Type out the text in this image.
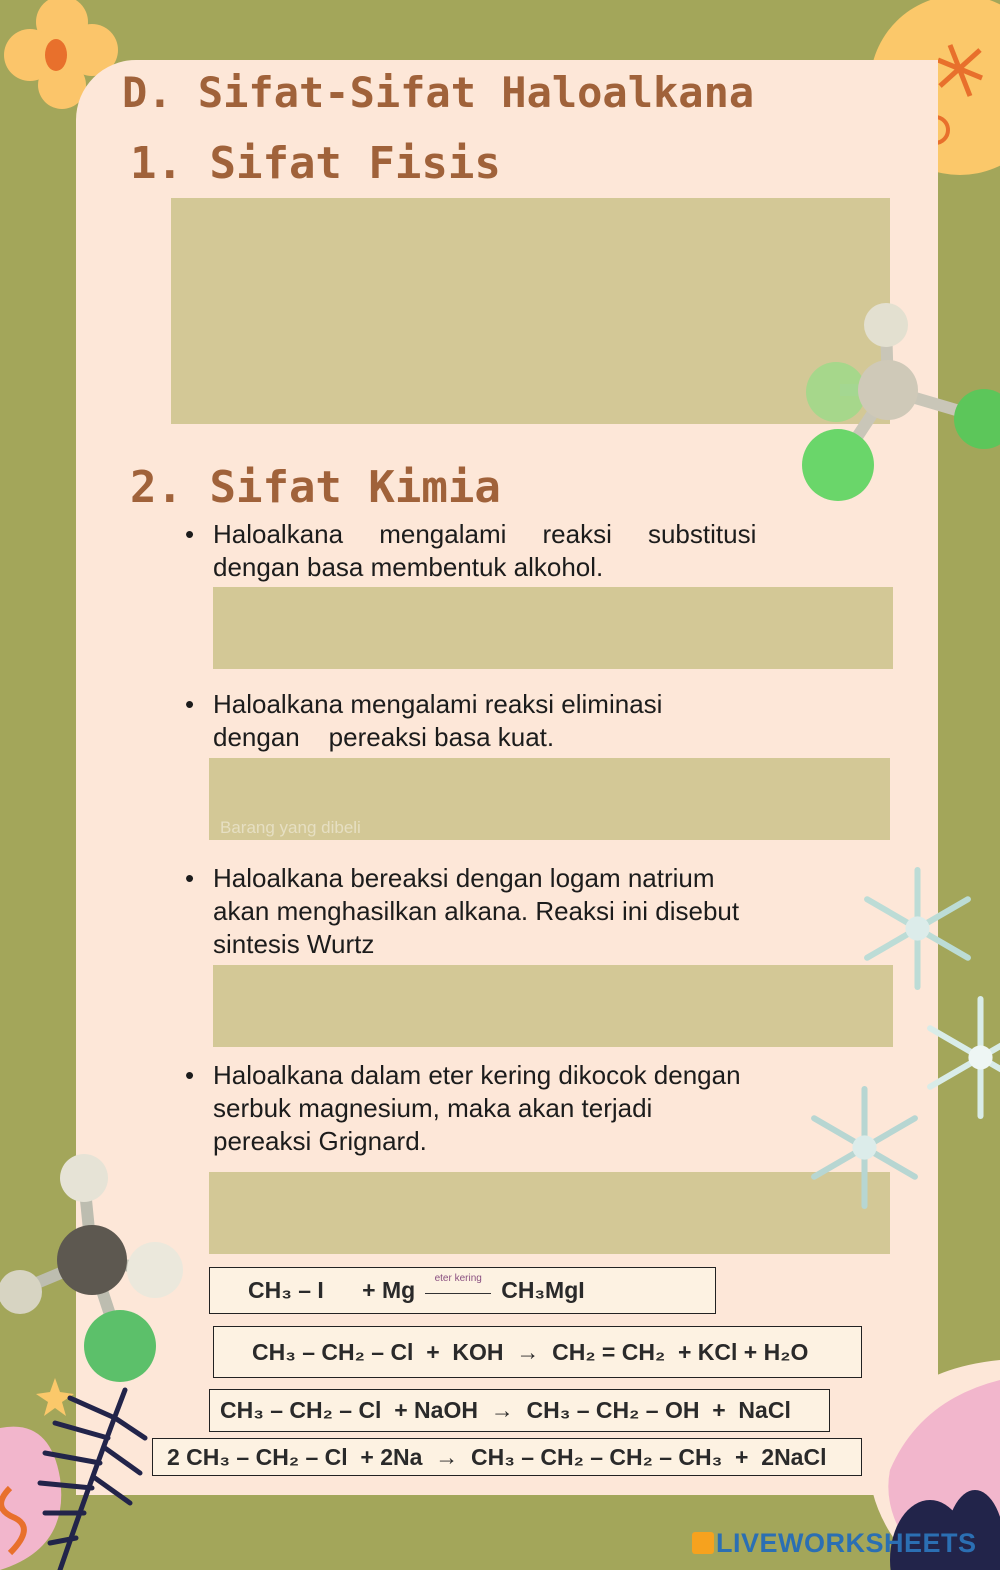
D. Sifat-Sifat Haloalkana
1. Sifat Fisis
2. Sifat Kimia
• Haloalkana     mengalami     reaksi     substitusi
dengan basa membentuk alkohol.
• Haloalkana mengalami reaksi eliminasi
dengan    pereaksi basa kuat.
Barang yang dibeli
• Haloalkana bereaksi dengan logam natrium
akan menghasilkan alkana. Reaksi ini disebut
sintesis Wurtz
• Haloalkana dalam eter kering dikocok dengan
serbuk magnesium, maka akan terjadi
pereaksi Grignard.
CH₃ – I      + Mg	eter kering CH₃MgI
CH₃ – CH₂ – Cl  +  KOH  →  CH₂ = CH₂  + KCl + H₂O
CH₃ – CH₂ – Cl  + NaOH  →  CH₃ – CH₂ – OH  +  NaCl
2 CH₃ – CH₂ – Cl  + 2Na  →  CH₃ – CH₂ – CH₂ – CH₃  +  2NaCl
LIVEWORKSHEETS
